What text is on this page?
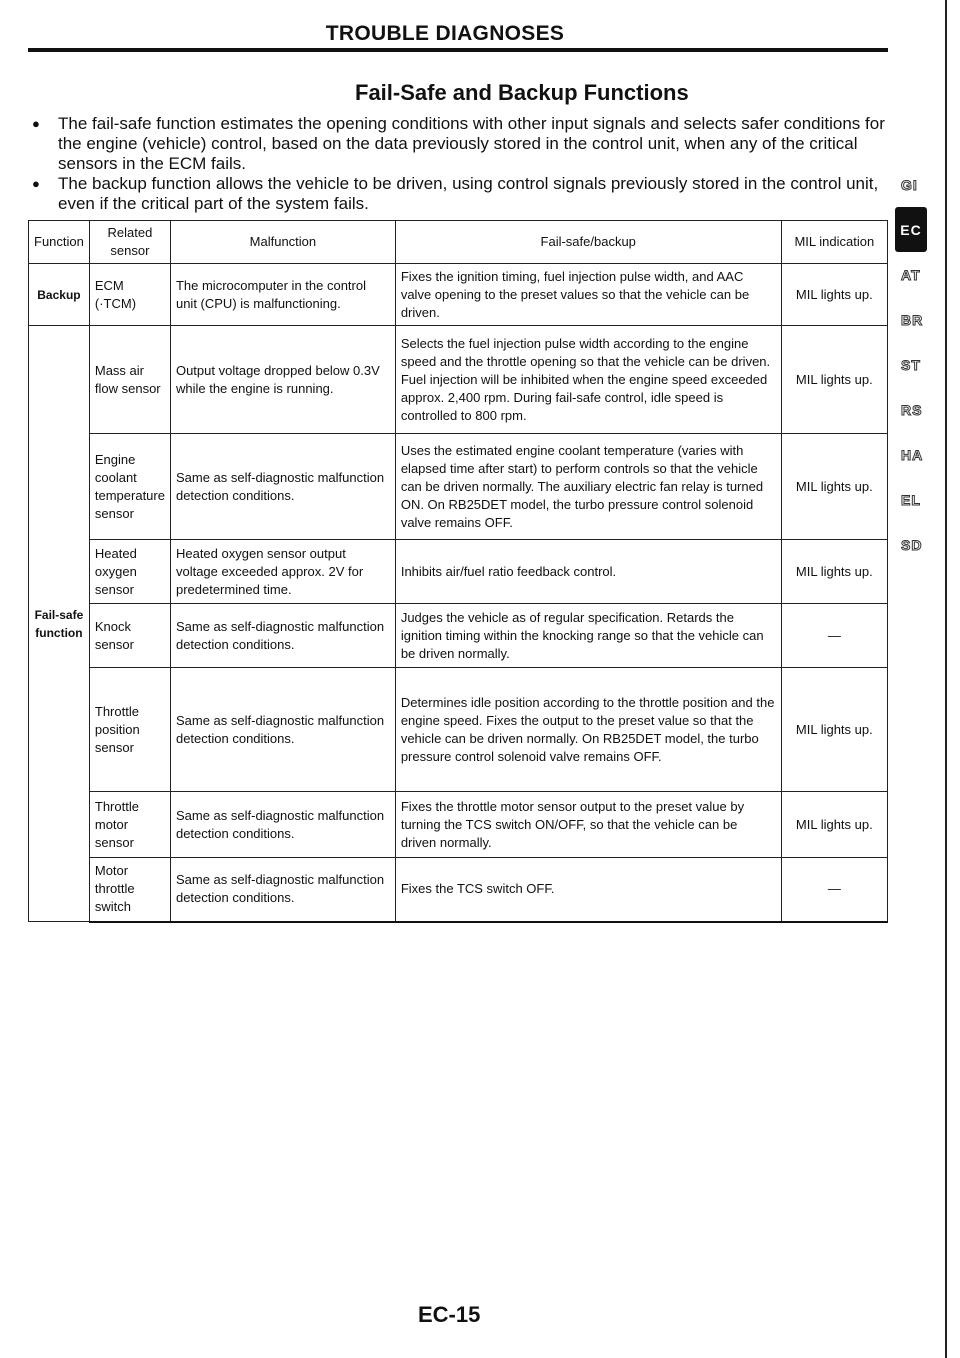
TROUBLE DIAGNOSES
Fail-Safe and Backup Functions
● The fail-safe function estimates the opening conditions with other input signals and selects safer conditions for the engine (vehicle) control, based on the data previously stored in the control unit, when any of the critical sensors in the ECM fails.
● The backup function allows the vehicle to be driven, using control signals previously stored in the control unit, even if the critical part of the system fails.
Function	Related sensor	Malfunction	Fail-safe/backup	MIL indication
Backup	ECM (·TCM)	The microcomputer in the control unit (CPU) is malfunctioning.	Fixes the ignition timing, fuel injection pulse width, and AAC valve opening to the preset values so that the vehicle can be driven.	MIL lights up.
Fail-safe function	Mass air flow sensor	Output voltage dropped below 0.3V while the engine is running.	Selects the fuel injection pulse width according to the engine speed and the throttle opening so that the vehicle can be driven. Fuel injection will be inhibited when the engine speed exceeded approx. 2,400 rpm. During fail-safe control, idle speed is controlled to 800 rpm.	MIL lights up.
	Engine coolant temperature sensor	Same as self-diagnostic malfunction detection conditions.	Uses the estimated engine coolant temperature (varies with elapsed time after start) to perform controls so that the vehicle can be driven normally. The auxiliary electric fan relay is turned ON. On RB25DET model, the turbo pressure control solenoid valve remains OFF.	MIL lights up.
	Heated oxygen sensor	Heated oxygen sensor output voltage exceeded approx. 2V for predetermined time.	Inhibits air/fuel ratio feedback control.	MIL lights up.
	Knock sensor	Same as self-diagnostic malfunction detection conditions.	Judges the vehicle as of regular specification. Retards the ignition timing within the knocking range so that the vehicle can be driven normally.	—
	Throttle position sensor	Same as self-diagnostic malfunction detection conditions.	Determines idle position according to the throttle position and the engine speed. Fixes the output to the preset value so that the vehicle can be driven normally. On RB25DET model, the turbo pressure control solenoid valve remains OFF.	MIL lights up.
	Throttle motor sensor	Same as self-diagnostic malfunction detection conditions.	Fixes the throttle motor sensor output to the preset value by turning the TCS switch ON/OFF, so that the vehicle can be driven normally.	MIL lights up.
	Motor throttle switch	Same as self-diagnostic malfunction detection conditions.	Fixes the TCS switch OFF.	—
EC-15
GI
EC
AT
BR
ST
RS
HA
EL
SD
